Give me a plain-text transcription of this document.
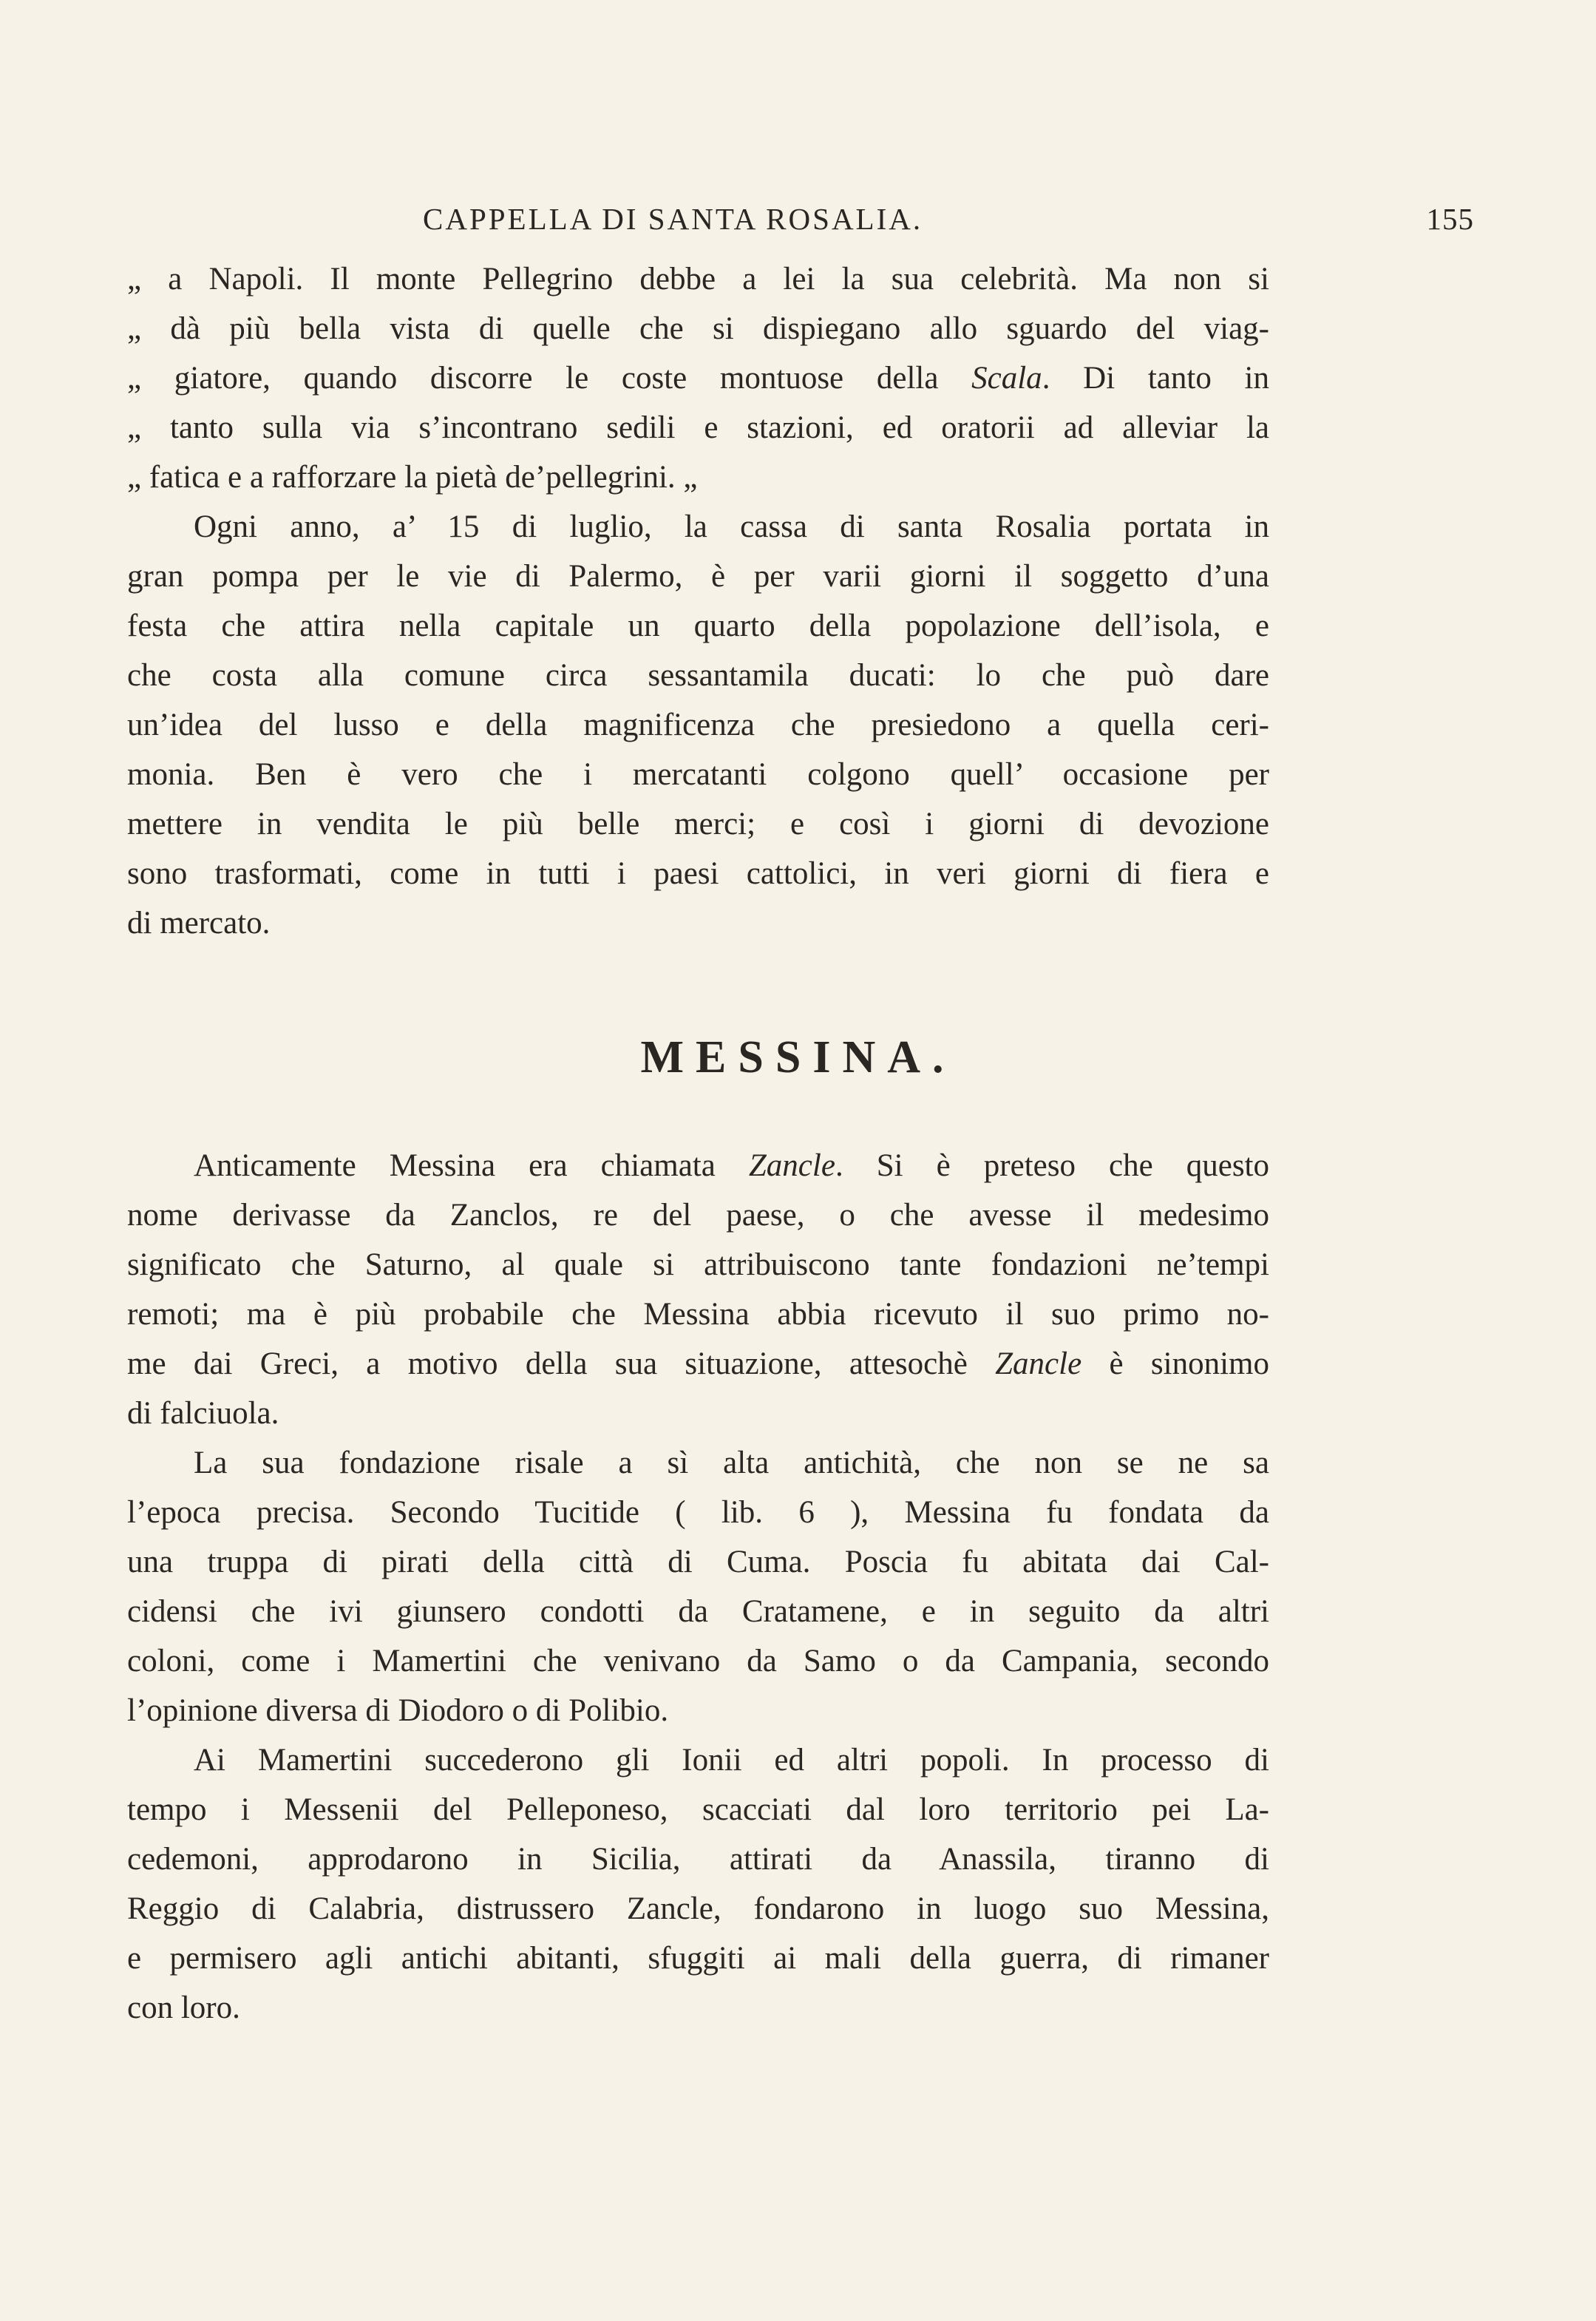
CAPPELLA DI SANTA ROSALIA.	155
„ a Napoli. Il monte Pellegrino debbe a lei la sua celebrità. Ma non si
„ dà più bella vista di quelle che si dispiegano allo sguardo del viag-
„ giatore, quando discorre le coste montuose della Scala. Di tanto in
„ tanto sulla via s’incontrano sedili e stazioni, ed oratorii ad alleviar la
„ fatica e a rafforzare la pietà de’pellegrini. „
Ogni anno, a’ 15 di luglio, la cassa di santa Rosalia portata in
gran pompa per le vie di Palermo, è per varii giorni il soggetto d’una
festa che attira nella capitale un quarto della popolazione dell’isola, e
che costa alla comune circa sessantamila ducati: lo che può dare
un’idea del lusso e della magnificenza che presiedono a quella ceri-
monia. Ben è vero che i mercatanti colgono quell’ occasione per
mettere in vendita le più belle merci; e così i giorni di devozione
sono trasformati, come in tutti i paesi cattolici, in veri giorni di fiera e
di mercato.
MESSINA.
Anticamente Messina era chiamata Zancle. Si è preteso che questo
nome derivasse da Zanclos, re del paese, o che avesse il medesimo
significato che Saturno, al quale si attribuiscono tante fondazioni ne’tempi
remoti; ma è più probabile che Messina abbia ricevuto il suo primo no-
me dai Greci, a motivo della sua situazione, attesochè Zancle è sinonimo
di falciuola.
La sua fondazione risale a sì alta antichità, che non se ne sa
l’epoca precisa. Secondo Tucitide ( lib. 6 ), Messina fu fondata da
una truppa di pirati della città di Cuma. Poscia fu abitata dai Cal-
cidensi che ivi giunsero condotti da Cratamene, e in seguito da altri
coloni, come i Mamertini che venivano da Samo o da Campania, secondo
l’opinione diversa di Diodoro o di Polibio.
Ai Mamertini succederono gli Ionii ed altri popoli. In processo di
tempo i Messenii del Pelleponeso, scacciati dal loro territorio pei La-
cedemoni, approdarono in Sicilia, attirati da Anassila, tiranno di
Reggio di Calabria, distrussero Zancle, fondarono in luogo suo Messina,
e permisero agli antichi abitanti, sfuggiti ai mali della guerra, di rimaner
con loro.
